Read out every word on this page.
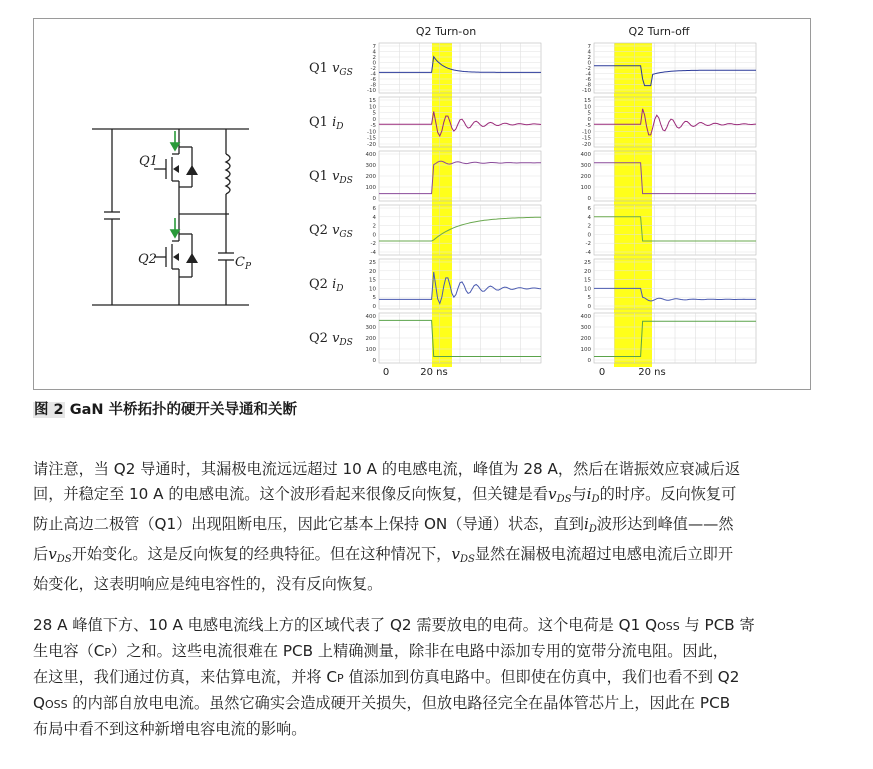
Q1
Q2	$C_P$
Q2 Turn-on	Q2 Turn-off
Q1 $v_{GS}$
7
4
2
0
-2
-4
-6
-8
-10
7
4
2
0
-2
-4
-6
-8
-10
Q1 $i_D$
15
10
5
0
-5
-10
-15
-20
15
10
5
0
-5
-10
-15
-20
Q1 $v_{DS}$
400
300
200
100
0
400
300
200
100
0
Q2 $v_{GS}$
6
4
2
0
-2
-4
6
4
2
0
-2
-4
Q2 $i_D$
25
20
15
10
5
0
25
20
15
10
5
0
Q2 $v_{DS}$
400
300
200
100
0
400
300
200
100
0
0	20 ns	0	20 ns
图 2 GaN 半桥拓扑的硬开关导通和关断
请注意，当 Q2 导通时，其漏极电流远远超过 10 A 的电感电流，峰值为 28 A，然后在谐振效应衰减后返
回，并稳定至 10 A 的电感电流。这个波形看起来很像反向恢复，但关键是看$v_{DS}$与$i_D$的时序。反向恢复可
防止高边二极管（Q1）出现阻断电压，因此它基本上保持 ON（导通）状态，直到$i_D$波形达到峰值——然
后$v_{DS}$开始变化。这是反向恢复的经典特征。但在这种情况下，$v_{DS}$显然在漏极电流超过电感电流后立即开
始变化，这表明响应是纯电容性的，没有反向恢复。
28 A 峰值下方、10 A 电感电流线上方的区域代表了 Q2 需要放电的电荷。这个电荷是 Q1 QOSS 与 PCB 寄
生电容（CP）之和。这些电流很难在 PCB 上精确测量，除非在电路中添加专用的宽带分流电阻。因此，
在这里，我们通过仿真，来估算电流，并将 CP 值添加到仿真电路中。但即使在仿真中，我们也看不到 Q2
QOSS 的内部自放电电流。虽然它确实会造成硬开关损失，但放电路径完全在晶体管芯片上，因此在 PCB
布局中看不到这种新增电容电流的影响。
